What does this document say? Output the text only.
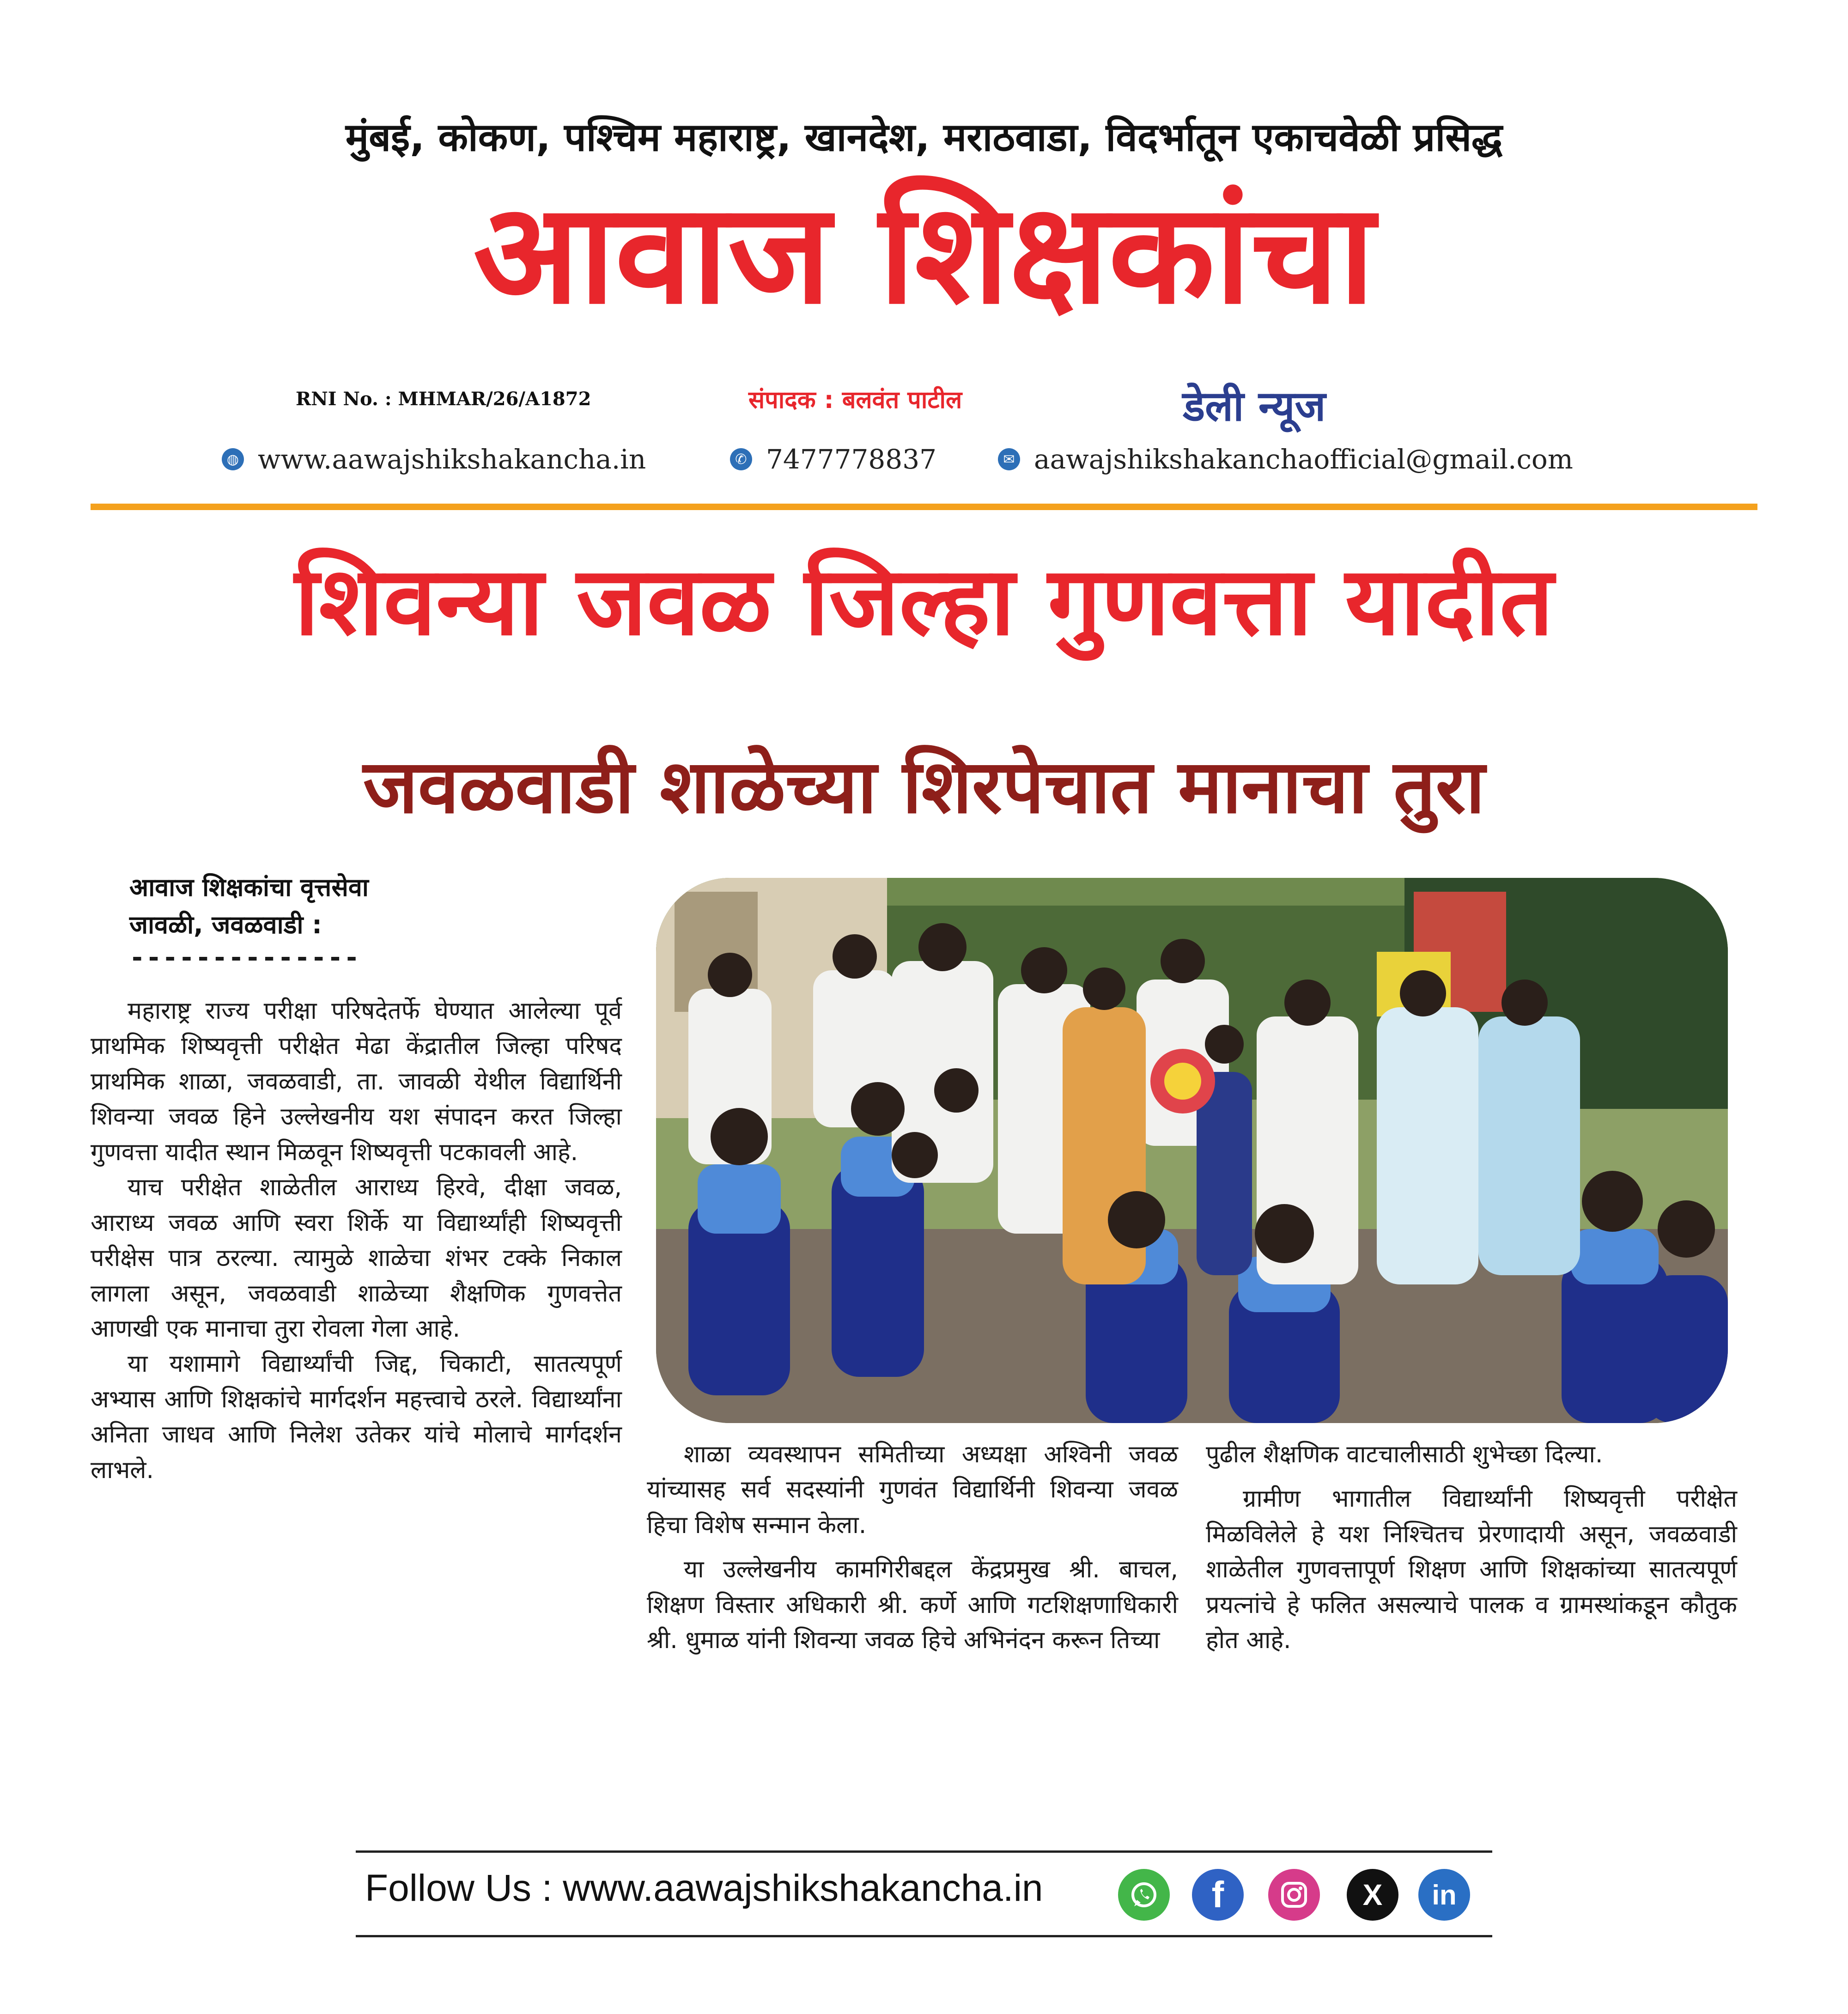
मुंबई, कोकण, पश्चिम महाराष्ट्र, खानदेश, मराठवाडा, विदर्भातून एकाचवेळी प्रसिद्ध
आवाज शिक्षकांचा
RNI No. : MHMAR/26/A1872	संपादक : बलवंत पाटील	डेली न्यूज
◍ www.aawajshikshakancha.in	✆ 7477778837	✉ aawajshikshakanchaofficial@gmail.com
शिवन्या जवळ जिल्हा गुणवत्ता यादीत
जवळवाडी शाळेच्या शिरपेचात मानाचा तुरा
आवाज शिक्षकांचा वृत्तसेवा
जावळी, जवळवाडी :
--------------

महाराष्ट्र राज्य परीक्षा परिषदेतर्फे घेण्यात आलेल्या पूर्व प्राथमिक शिष्यवृत्ती परीक्षेत मेढा केंद्रातील जिल्हा परिषद प्राथमिक शाळा, जवळवाडी, ता. जावळी येथील विद्यार्थिनी शिवन्या जवळ हिने उल्लेखनीय यश संपादन करत जिल्हा गुणवत्ता यादीत स्थान मिळवून शिष्यवृत्ती पटकावली आहे.

याच परीक्षेत शाळेतील आराध्य हिरवे, दीक्षा जवळ, आराध्य जवळ आणि स्वरा शिर्के या विद्यार्थ्यांही शिष्यवृत्ती परीक्षेस पात्र ठरल्या. त्यामुळे शाळेचा शंभर टक्के निकाल लागला असून, जवळवाडी शाळेच्या शैक्षणिक गुणवत्तेत आणखी एक मानाचा तुरा रोवला गेला आहे.

या यशामागे विद्यार्थ्यांची जिद्द, चिकाटी, सातत्यपूर्ण अभ्यास आणि शिक्षकांचे मार्गदर्शन महत्त्वाचे ठरले. विद्यार्थ्यांना अनिता जाधव आणि निलेश उतेकर यांचे मोलाचे मार्गदर्शन लाभले.

शाळा व्यवस्थापन समितीच्या अध्यक्षा अश्विनी जवळ यांच्यासह सर्व सदस्यांनी गुणवंत विद्यार्थिनी शिवन्या जवळ हिचा विशेष सन्मान केला.

या उल्लेखनीय कामगिरीबद्दल केंद्रप्रमुख श्री. बाचल, शिक्षण विस्तार अधिकारी श्री. कर्णे आणि गटशिक्षणाधिकारी श्री. धुमाळ यांनी शिवन्या जवळ हिचे अभिनंदन करून तिच्या

पुढील शैक्षणिक वाटचालीसाठी शुभेच्छा दिल्या.

ग्रामीण भागातील विद्यार्थ्यांनी शिष्यवृत्ती परीक्षेत मिळविलेले हे यश निश्चितच प्रेरणादायी असून, जवळवाडी शाळेतील गुणवत्तापूर्ण शिक्षण आणि शिक्षकांच्या सातत्यपूर्ण प्रयत्नांचे हे फलित असल्याचे पालक व ग्रामस्थांकडून कौतुक होत आहे.

Follow Us : www.aawajshikshakancha.in	f	X	in
